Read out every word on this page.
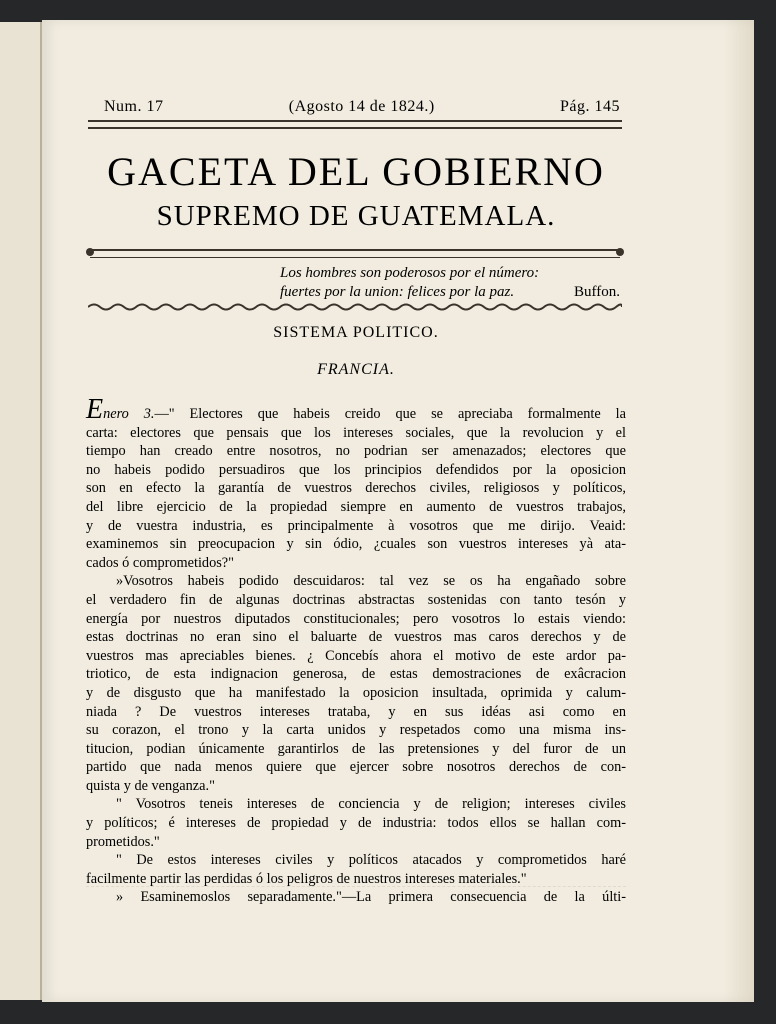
Num. 17	(Agosto 14 de 1824.)	Pág. 145
GACETA DEL GOBIERNO
SUPREMO DE GUATEMALA.
Los hombres son poderosos por el número:
fuertes por la union: felices por la paz.	Buffon.
SISTEMA POLITICO.
FRANCIA.

Enero 3.—" Electores que habeis creido que se apreciaba formalmente la

carta: electores que pensais que los intereses sociales, que la revolucion y el

tiempo han creado entre nosotros, no podrian ser amenazados; electores que

no habeis podido persuadiros que los principios defendidos por la oposicion

son en efecto la garantía de vuestros derechos civiles, religiosos y políticos,

del libre ejercicio de la propiedad siempre en aumento de vuestros trabajos,

y de vuestra industria, es principalmente à vosotros que me dirijo. Veaid:

examinemos sin preocupacion y sin ódio, ¿cuales son vuestros intereses yà ata-

cados ó comprometidos?"

»Vosotros habeis podido descuidaros: tal vez se os ha engañado sobre

el verdadero fin de algunas doctrinas abstractas sostenidas con tanto tesón y

energía por nuestros diputados constitucionales; pero vosotros lo estais viendo:

estas doctrinas no eran sino el baluarte de vuestros mas caros derechos y de

vuestros mas apreciables bienes. ¿ Concebís ahora el motivo de este ardor pa-

triotico, de esta indignacion generosa, de estas demostraciones de exâcracion

y de disgusto que ha manifestado la oposicion insultada, oprimida y calum-

niada ? De vuestros intereses trataba, y en sus idéas asi como en

su corazon, el trono y la carta unidos y respetados como una misma ins-

titucion, podian únicamente garantirlos de las pretensiones y del furor de un

partido que nada menos quiere que ejercer sobre nosotros derechos de con-

quista y de venganza."

" Vosotros teneis intereses de conciencia y de religion; intereses civiles

y políticos; é intereses de propiedad y de industria: todos ellos se hallan com-

prometidos."

" De estos intereses civiles y políticos atacados y comprometidos haré

facilmente partir las perdidas ó los peligros de nuestros intereses materiales."

» Esaminemoslos separadamente."—La primera consecuencia de la últi-
